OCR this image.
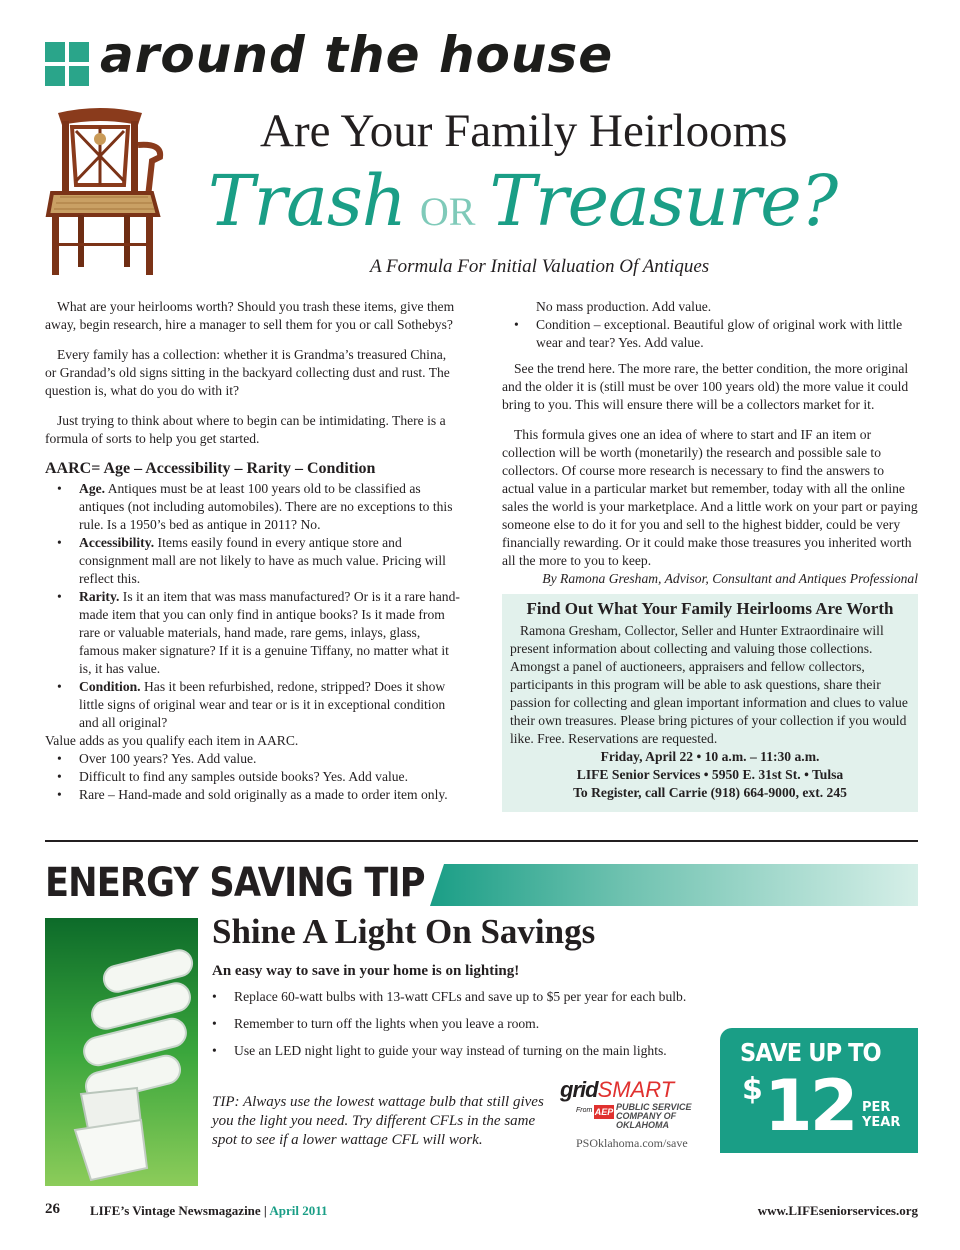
around the house
Are Your Family Heirlooms
Trash OR Treasure?
A Formula For Initial Valuation Of Antiques

What are your heirlooms worth? Should you trash these items, give them away, begin research, hire a manager to sell them for you or call Sothebys?

Every family has a collection: whether it is Grandma’s treasured China, or Grandad’s old signs sitting in the backyard collecting dust and rust. The question is, what do you do with it?

Just trying to think about where to begin can be intimidating. There is a formula of sorts to help you get started.

AARC= Age – Accessibility – Rarity – Condition
• Age. Antiques must be at least 100 years old to be classified as antiques (not including automobiles). There are no exceptions to this rule. Is a 1950’s bed as antique in 2011? No.
• Accessibility. Items easily found in every antique store and consignment mall are not likely to have as much value. Pricing will reflect this.
• Rarity. Is it an item that was mass manufactured? Or is it a rare hand-made item that you can only find in antique books? Is it made from rare or valuable materials, hand made, rare gems, inlays, glass, famous maker signature? If it is a genuine Tiffany, no matter what it is, it has value.
• Condition. Has it been refurbished, redone, stripped? Does it show little signs of original wear and tear or is it in exceptional condition and all original?

Value adds as you qualify each item in AARC.

• Over 100 years? Yes. Add value.
• Difficult to find any samples outside books? Yes. Add value.
• Rare – Hand-made and sold originally as a made to order item only.

No mass production. Add value.

• Condition – exceptional. Beautiful glow of original work with little wear and tear? Yes. Add value.

See the trend here. The more rare, the better condition, the more original and the older it is (still must be over 100 years old) the more value it could bring to you. This will ensure there will be a collectors market for it.

This formula gives one an idea of where to start and IF an item or collection will be worth (monetarily) the research and possible sale to collectors. Of course more research is necessary to find the answers to actual value in a particular market but remember, today with all the online sales the world is your marketplace. And a little work on your part or paying someone else to do it for you and sell to the highest bidder, could be very financially rewarding. Or it could make those treasures you inherited worth all the more to you to keep.

By Ramona Gresham, Advisor, Consultant and Antiques Professional
Find Out What Your Family Heirlooms Are Worth

Ramona Gresham, Collector, Seller and Hunter Extraordinaire will present information about collecting and valuing those collections. Amongst a panel of auctioneers, appraisers and fellow collectors, participants in this program will be able to ask questions, share their passion for collecting and glean important information and clues to value their own treasures. Please bring pictures of your collection if you would like. Free. Reservations are requested.

Friday, April 22 • 10 a.m. – 11:30 a.m.
LIFE Senior Services • 5950 E. 31st St. • Tulsa
To Register, call Carrie (918) 664-9000, ext. 245
ENERGY SAVING TIP
Shine A Light On Savings
An easy way to save in your home is on lighting!
• Replace 60-watt bulbs with 13-watt CFLs and save up to $5 per year for each bulb.
• Remember to turn off the lights when you leave a room.
• Use an LED night light to guide your way instead of turning on the main lights.
TIP: Always use the lowest wattage bulb that still gives you the light you need. Try different CFLs in the same spot to see if a lower wattage CFL will work.
gridSMART
From AEP PUBLIC SERVICE COMPANY OF OKLAHOMA
PSOklahoma.com/save
SAVE UP TO
$ 12 PER
YEAR
26 LIFE’s Vintage Newsmagazine | April 2011	www.LIFEseniorservices.org
